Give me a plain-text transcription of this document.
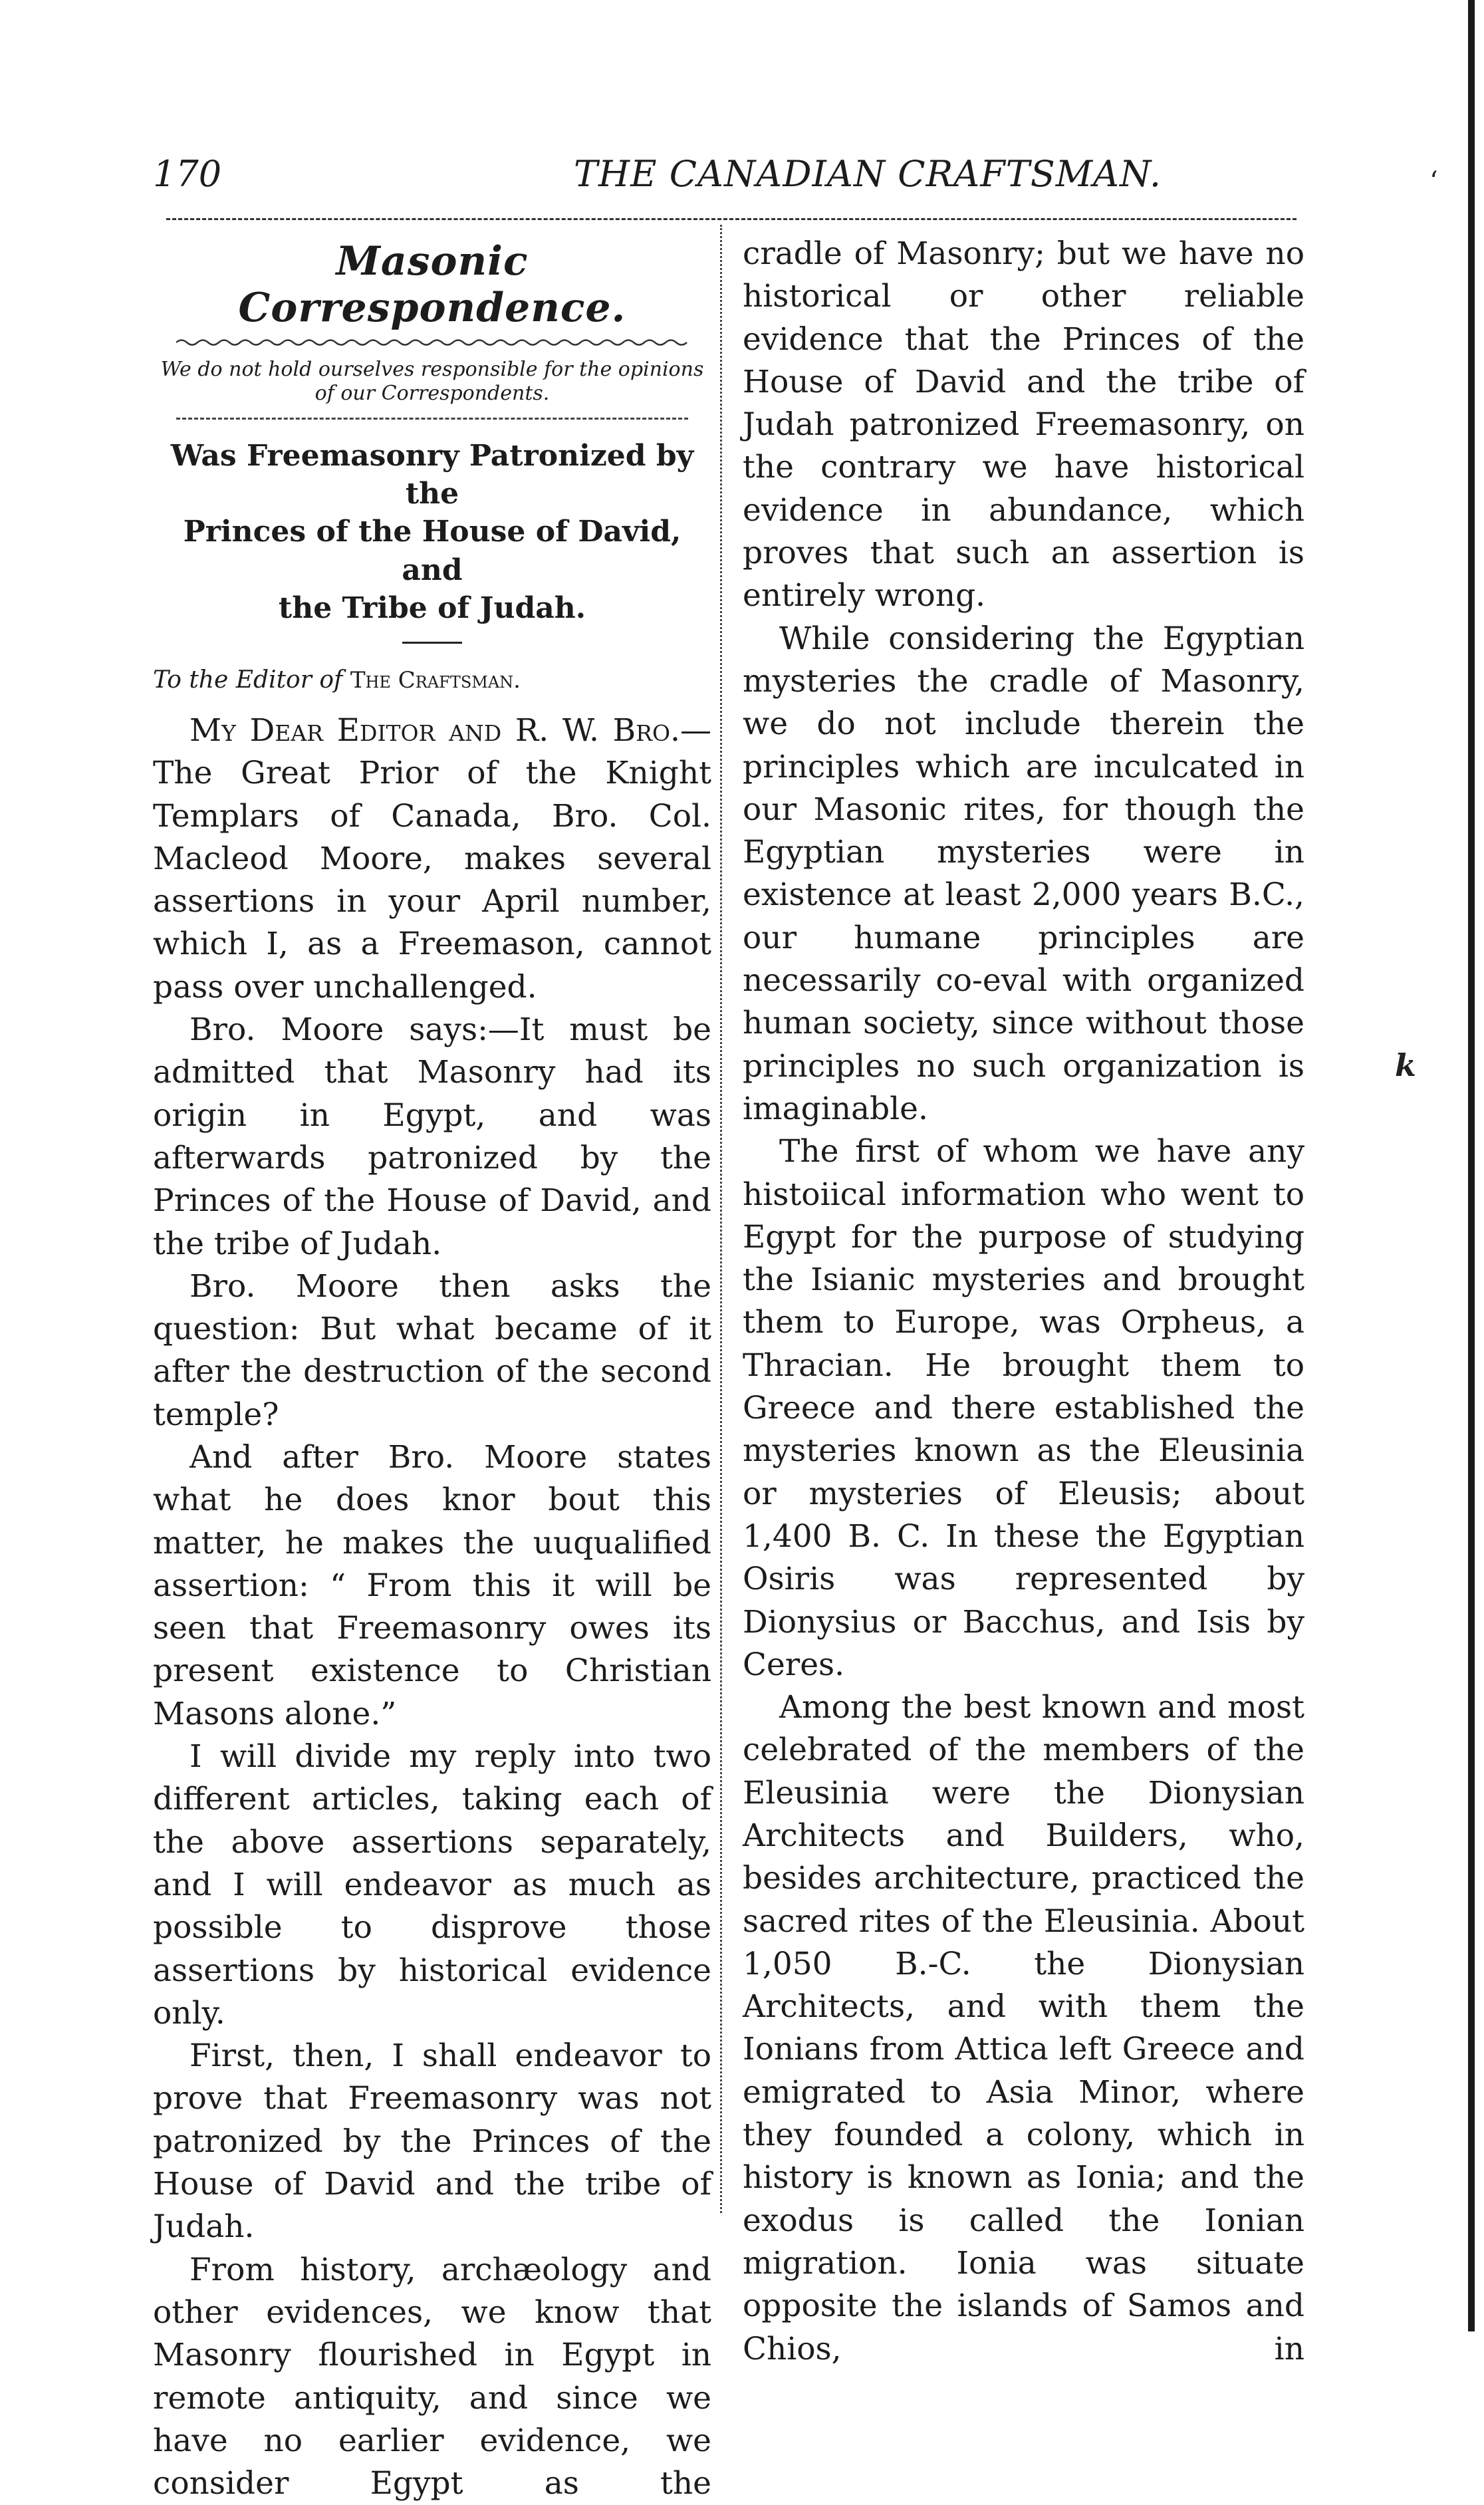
‘
k
170	THE CANADIAN CRAFTSMAN.
Masonic Correspondence.
We do not hold ourselves responsible for the opinions
of our Correspondents.
Was Freemasonry Patronized by the
Princes of the House of David, and
the Tribe of Judah.
To the Editor of The Craftsman.

My Dear Editor and R. W. Bro.—The Great Prior of the Knight Templars of Canada, Bro. Col. Macleod Moore, makes several assertions in your April number, which I, as a Freemason, cannot pass over unchallenged.

Bro. Moore says:—It must be admitted that Masonry had its origin in Egypt, and was afterwards patronized by the Princes of the House of David, and the tribe of Judah.

Bro. Moore then asks the question: But what became of it after the destruction of the second temple?

And after Bro. Moore states what he does knor bout this matter, he makes the uuqualified assertion: “ From this it will be seen that Freemasonry owes its present existence to Christian Masons alone.”

I will divide my reply into two different articles, taking each of the above assertions separately, and I will endeavor as much as possible to disprove those assertions by historical evidence only.

First, then, I shall endeavor to prove that Freemasonry was not patronized by the Princes of the House of David and the tribe of Judah.

From history, archæology and other evidences, we know that Masonry flourished in Egypt in remote antiquity, and since we have no earlier evidence, we consider Egypt as the

cradle of Masonry; but we have no historical or other reliable evidence that the Princes of the House of David and the tribe of Judah patronized Freemasonry, on the contrary we have historical evidence in abundance, which proves that such an assertion is entirely wrong.

While considering the Egyptian mysteries the cradle of Masonry, we do not include therein the principles which are inculcated in our Masonic rites, for though the Egyptian mysteries were in existence at least 2,000 years B.C., our humane principles are necessarily co-eval with organized human society, since without those principles no such organization is imaginable.

The first of whom we have any histoiical information who went to Egypt for the purpose of studying the Isianic mysteries and brought them to Europe, was Orpheus, a Thracian. He brought them to Greece and there established the mysteries known as the Eleusinia or mysteries of Eleusis; about 1,400 B. C. In these the Egyptian Osiris was represented by Dionysius or Bacchus, and Isis by Ceres.

Among the best known and most celebrated of the members of the Eleusinia were the Dionysian Architects and Builders, who, besides architecture, practiced the sacred rites of the Eleusinia. About 1,050 B.-C. the Dionysian Architects, and with them the Ionians from Attica left Greece and emigrated to Asia Minor, where they founded a colony, which in history is known as Ionia; and the exodus is called the Ionian migration. Ionia was situate opposite the islands of Samos and Chios, in
